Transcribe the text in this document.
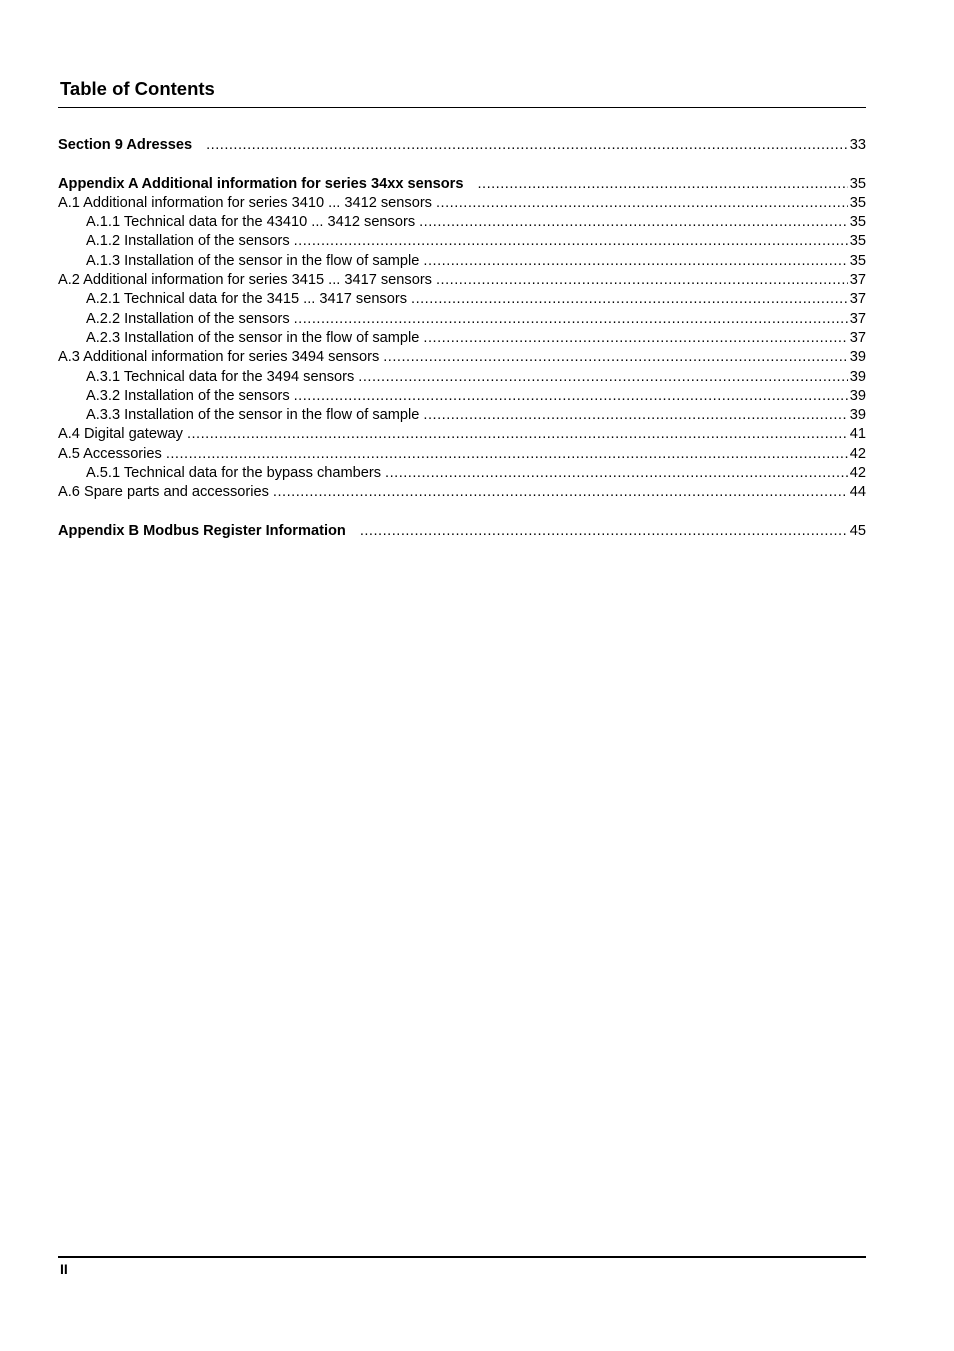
Table of Contents
Section 9 Adresses .....	33
Appendix A Additional information for series 34xx sensors .....	35
A.1 Additional information for series 3410 ... 3412 sensors .....	35
A.1.1 Technical data for the 43410 ... 3412 sensors .....	35
A.1.2 Installation of the sensors .....	35
A.1.3 Installation of the sensor in the flow of sample .....	35
A.2 Additional information for series 3415 ... 3417 sensors .....	37
A.2.1 Technical data for the 3415 ... 3417 sensors .....	37
A.2.2 Installation of the sensors .....	37
A.2.3 Installation of the sensor in the flow of sample .....	37
A.3 Additional information for series 3494 sensors .....	39
A.3.1 Technical data for the 3494 sensors .....	39
A.3.2 Installation of the sensors .....	39
A.3.3 Installation of the sensor in the flow of sample .....	39
A.4 Digital gateway .....	41
A.5 Accessories .....	42
A.5.1 Technical data for the bypass chambers .....	42
A.6 Spare parts and accessories .....	44
Appendix B Modbus Register Information .....	45
II
